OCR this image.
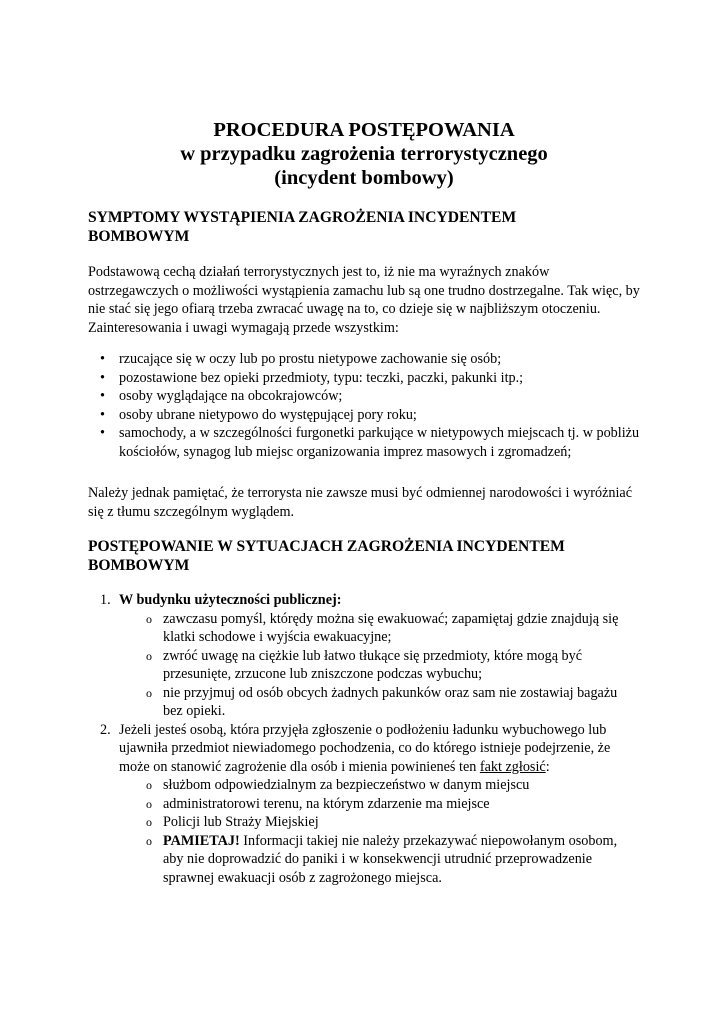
PROCEDURA POSTĘPOWANIA
w przypadku zagrożenia terrorystycznego
(incydent bombowy)
SYMPTOMY WYSTĄPIENIA ZAGROŻENIA INCYDENTEM
BOMBOWYM

Podstawową cechą działań terrorystycznych jest to, iż nie ma wyraźnych znaków ostrzegawczych o możliwości wystąpienia zamachu lub są one trudno dostrzegalne. Tak więc, by nie stać się jego ofiarą trzeba zwracać uwagę na to, co dzieje się w najbliższym otoczeniu. Zainteresowania i uwagi wymagają przede wszystkim:

• rzucające się w oczy lub po prostu nietypowe zachowanie się osób;
• pozostawione bez opieki przedmioty, typu: teczki, paczki, pakunki itp.;
• osoby wyglądające na obcokrajowców;
• osoby ubrane nietypowo do występującej pory roku;
• samochody, a w szczególności furgonetki parkujące w nietypowych miejscach tj. w pobliżu kościołów, synagog lub miejsc organizowania imprez masowych i zgromadzeń;

Należy jednak pamiętać, że terrorysta nie zawsze musi być odmiennej narodowości i wyróżniać się z tłumu szczególnym wyglądem.

POSTĘPOWANIE W SYTUACJACH ZAGROŻENIA INCYDENTEM
BOMBOWYM
1. W budynku użyteczności publicznej:
o zawczasu pomyśl, którędy można się ewakuować; zapamiętaj gdzie znajdują się klatki schodowe i wyjścia ewakuacyjne;
o zwróć uwagę na ciężkie lub łatwo tłukące się przedmioty, które mogą być przesunięte, zrzucone lub zniszczone podczas wybuchu;
o nie przyjmuj od osób obcych żadnych pakunków oraz sam nie zostawiaj bagażu bez opieki.
2. Jeżeli jesteś osobą, która przyjęła zgłoszenie o podłożeniu ładunku wybuchowego lub ujawniła przedmiot niewiadomego pochodzenia, co do którego istnieje podejrzenie, że może on stanowić zagrożenie dla osób i mienia powinieneś ten fakt zgłosić:
o służbom odpowiedzialnym za bezpieczeństwo w danym miejscu
o administratorowi terenu, na którym zdarzenie ma miejsce
o Policji lub Straży Miejskiej
o PAMIETAJ! Informacji takiej nie należy przekazywać niepowołanym osobom, aby nie doprowadzić do paniki i w konsekwencji utrudnić przeprowadzenie sprawnej ewakuacji osób z zagrożonego miejsca.
